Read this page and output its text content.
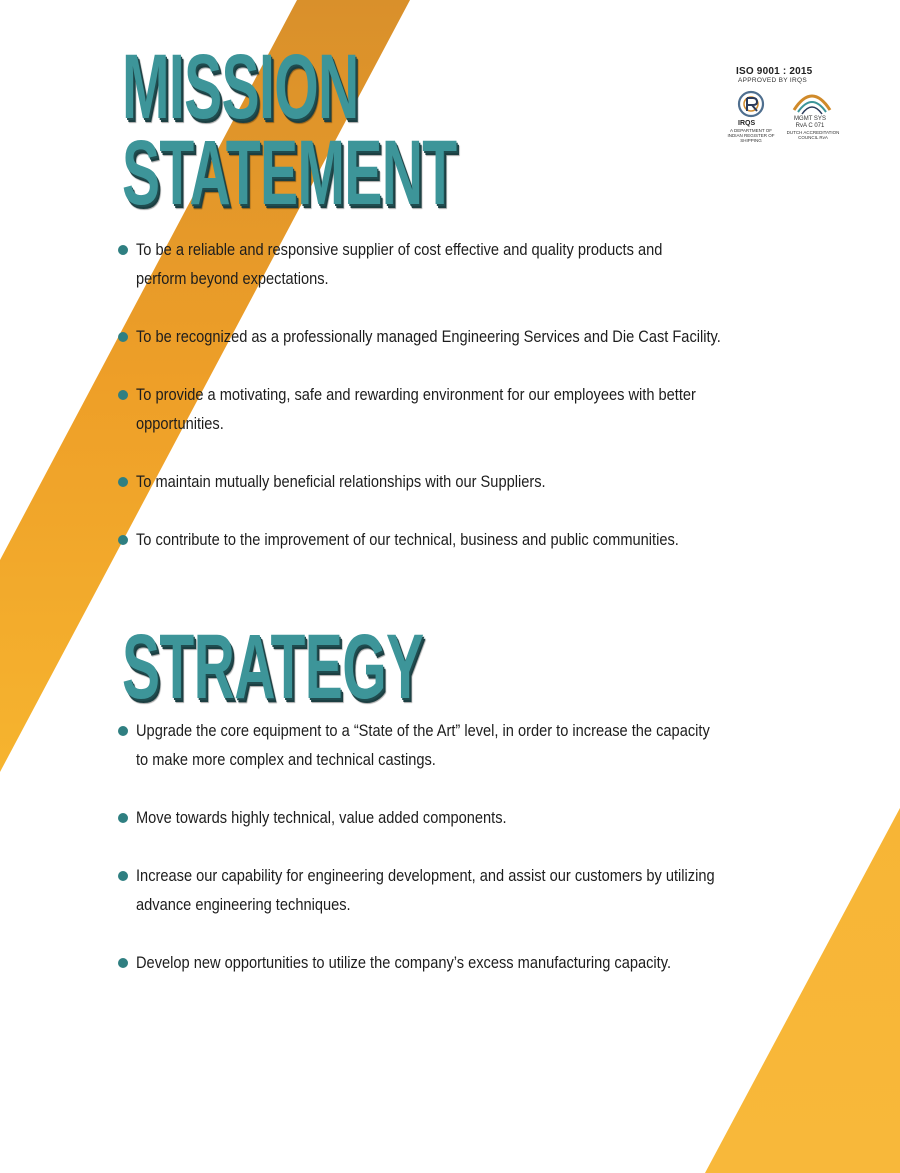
MISSION
STATEMENT
ISO 9001 : 2015
APPROVED BY IRQS
IRQS
A DEPARTMENT OF INDIAN REGISTER OF SHIPPING
MGMT SYS RvA C 071
DUTCH ACCREDITATION COUNCIL RvA
To be a reliable and responsive supplier of cost effective and quality products and
perform beyond expectations.
To be recognized as a professionally managed Engineering Services and Die Cast Facility.
To provide a motivating, safe and rewarding environment for our employees with better
opportunities.
To maintain mutually beneficial relationships with our Suppliers.
To contribute to the improvement of our technical, business and public communities.
STRATEGY
Upgrade the core equipment to a “State of the Art” level, in order to increase the capacity
to make more complex and technical castings.
Move towards highly technical, value added components.
Increase our capability for engineering development, and assist our customers by utilizing
advance engineering techniques.
Develop new opportunities to utilize the company’s excess manufacturing capacity.
